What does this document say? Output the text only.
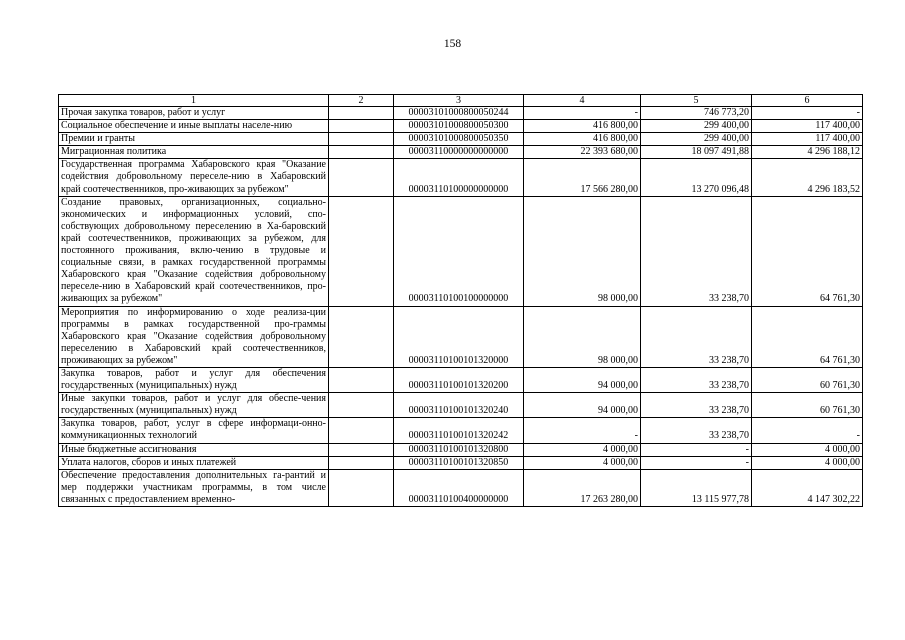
158
1	2	3	4	5	6
Прочая закупка товаров, работ и услуг		00003101000800050244	-	746 773,20	-
Социальное обеспечение и иные выплаты населе-нию		00003101000800050300	416 800,00	299 400,00	117 400,00
Премии и гранты		00003101000800050350	416 800,00	299 400,00	117 400,00
Миграционная политика		00003110000000000000	22 393 680,00	18 097 491,88	4 296 188,12
Государственная программа Хабаровского края "Оказание содействия добровольному переселе-нию в Хабаровский край соотечественников, про-живающих за рубежом"		00003110100000000000	17 566 280,00	13 270 096,48	4 296 183,52
Создание правовых, организационных, социально-экономических и информационных условий, спо-собствующих добровольному переселению в Ха-баровский край соотечественников, проживающих за рубежом, для постоянного проживания, вклю-чению в трудовые и социальные связи, в рамках государственной программы Хабаровского края "Оказание содействия добровольному переселе-нию в Хабаровский край соотечественников, про-живающих за рубежом"		00003110100100000000	98 000,00	33 238,70	64 761,30
Мероприятия по информированию о ходе реализа-ции программы в рамках государственной про-граммы Хабаровского края "Оказание содействия добровольному переселению в Хабаровский край соотечественников, проживающих за рубежом"		00003110100101320000	98 000,00	33 238,70	64 761,30
Закупка товаров, работ и услуг для обеспечения государственных (муниципальных) нужд		00003110100101320200	94 000,00	33 238,70	60 761,30
Иные закупки товаров, работ и услуг для обеспе-чения государственных (муниципальных) нужд		00003110100101320240	94 000,00	33 238,70	60 761,30
Закупка товаров, работ, услуг в сфере информаци-онно-коммуникационных технологий		00003110100101320242	-	33 238,70	-
Иные бюджетные ассигнования		00003110100101320800	4 000,00	-	4 000,00
Уплата налогов, сборов и иных платежей		00003110100101320850	4 000,00	-	4 000,00
Обеспечение предоставления дополнительных га-рантий и мер поддержки участникам программы, в том числе связанных с предоставлением временно-		00003110100400000000	17 263 280,00	13 115 977,78	4 147 302,22
